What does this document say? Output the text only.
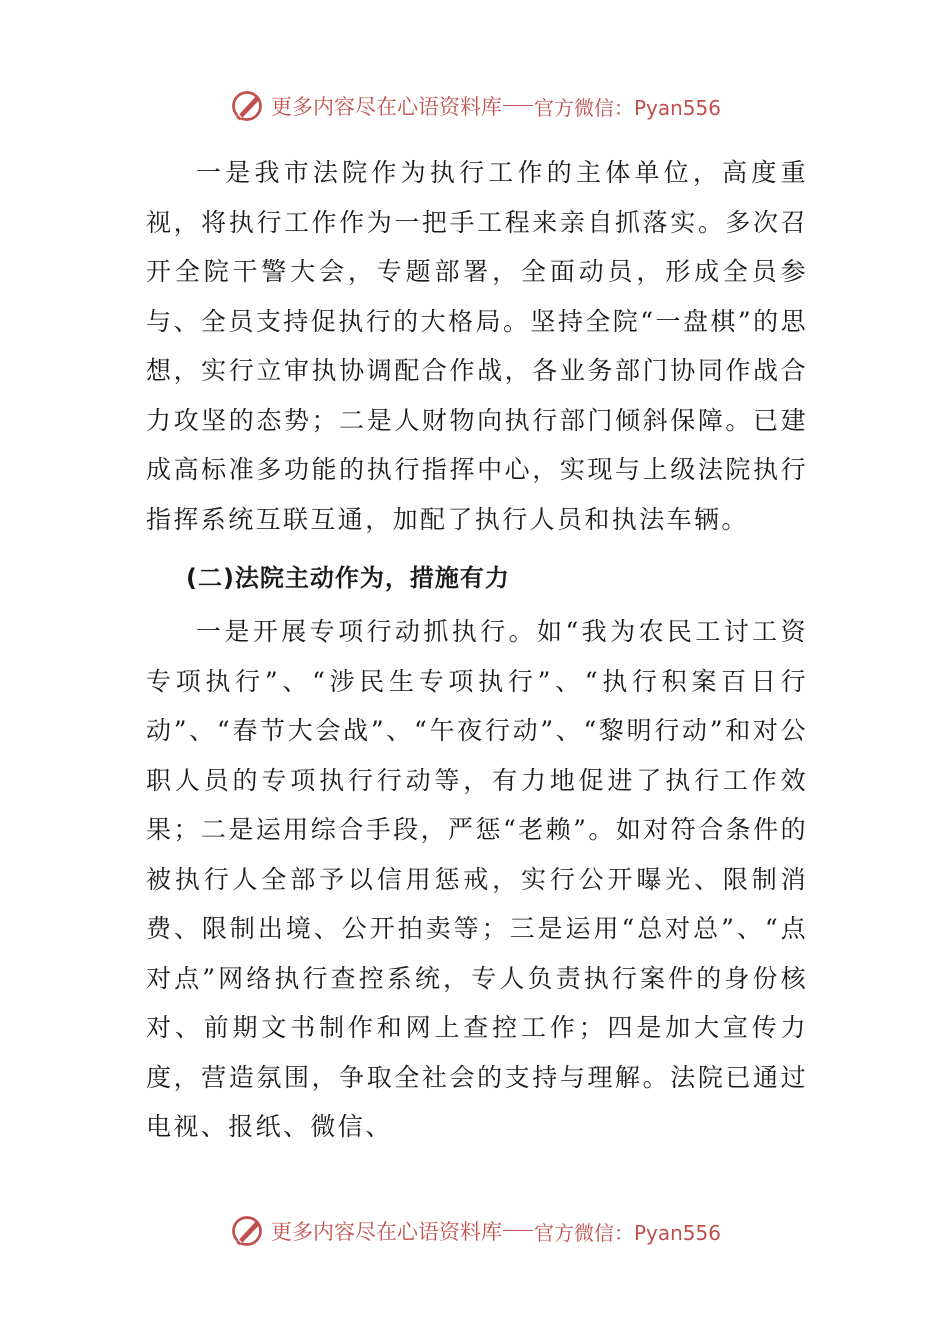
更多内容尽在心语资料库 官方微信：Pyan556

一是我市法院作为执行工作的主体单位，高度重视，将执行工作作为一把手工程来亲自抓落实。多次召开全院干警大会，专题部署，全面动员，形成全员参与、全员支持促执行的大格局。坚持全院“一盘棋”的思想，实行立审执协调配合作战，各业务部门协同作战合力攻坚的态势；二是人财物向执行部门倾斜保障。已建成高标准多功能的执行指挥中心，实现与上级法院执行指挥系统互联互通，加配了执行人员和执法车辆。

(二)法院主动作为，措施有力

一是开展专项行动抓执行。如“我为农民工讨工资专项执行”、“涉民生专项执行”、“执行积案百日行动”、“春节大会战”、“午夜行动”、“黎明行动”和对公职人员的专项执行行动等，有力地促进了执行工作效果；二是运用综合手段，严惩“老赖”。如对符合条件的被执行人全部予以信用惩戒，实行公开曝光、限制消费、限制出境、公开拍卖等；三是运用“总对总”、“点对点”网络执行查控系统，专人负责执行案件的身份核对、前期文书制作和网上查控工作；四是加大宣传力度，营造氛围，争取全社会的支持与理解。法院已通过电视、报纸、微信、

更多内容尽在心语资料库 官方微信：Pyan556
